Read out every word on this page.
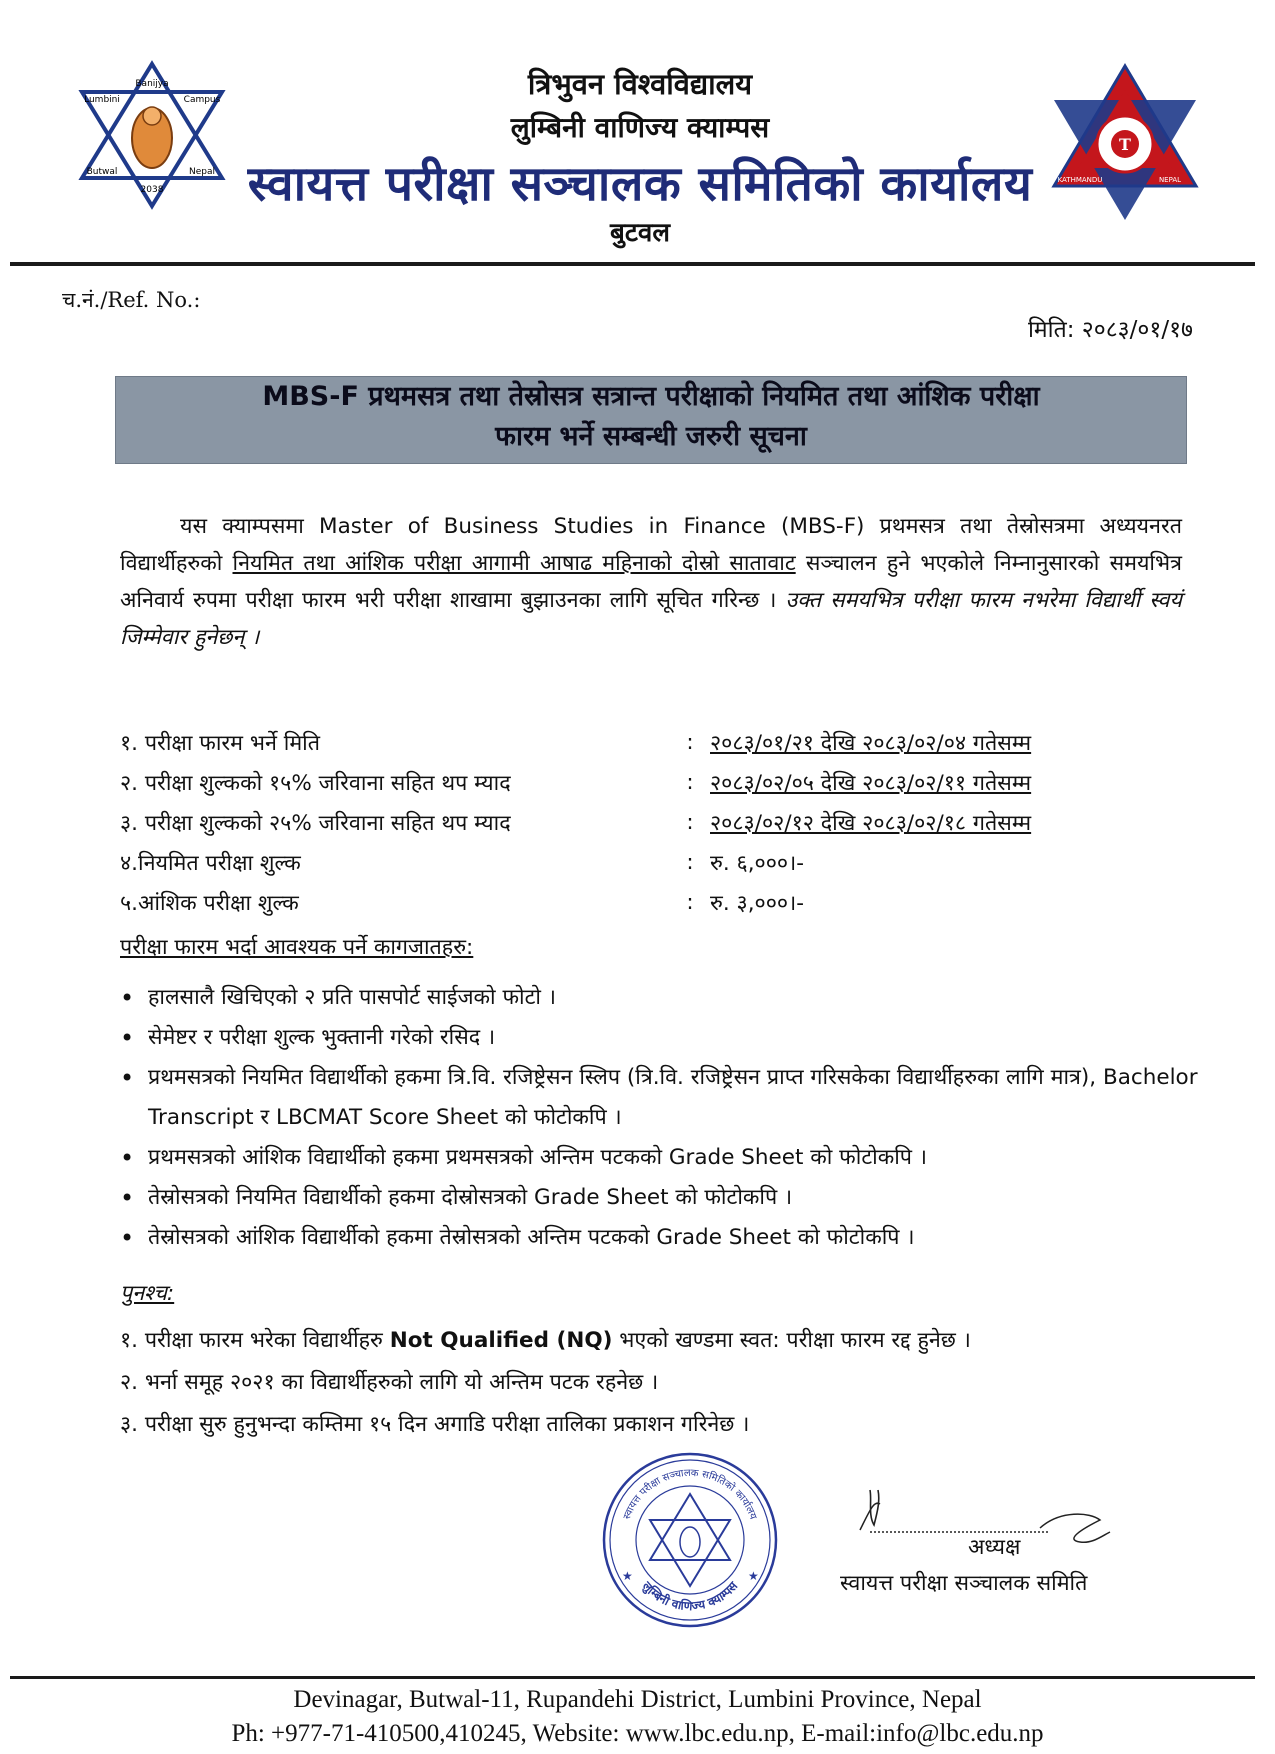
Banijya
Lumbini	Campus
Butwal	Nepal
2038
त्रिभुवन विश्वविद्यालय
लुम्बिनी वाणिज्य क्याम्पस
स्वायत्त परीक्षा सञ्चालक समितिको कार्यालय
बुटवल
T
KATHMANDU	NEPAL
च.नं./Ref. No.:
मिति: २०८३/०१/१७
MBS-F प्रथमसत्र तथा तेस्रोसत्र सत्रान्त परीक्षाको नियमित तथा आंशिक परीक्षा
फारम भर्ने सम्बन्धी जरुरी सूचना
यस क्याम्पसमा Master of Business Studies in Finance (MBS-F) प्रथमसत्र तथा तेस्रोसत्रमा अध्ययनरत विद्यार्थीहरुको नियमित तथा आंशिक परीक्षा आगामी आषाढ महिनाको दोस्रो सातावाट सञ्चालन हुने भएकोले निम्नानुसारको समयभित्र अनिवार्य रुपमा परीक्षा फारम भरी परीक्षा शाखामा बुझाउनका लागि सूचित गरिन्छ । उक्त समयभित्र परीक्षा फारम नभरेमा विद्यार्थी स्वयं जिम्मेवार हुनेछन् ।
१. परीक्षा फारम भर्ने मिति	: २०८३/०१/२१ देखि २०८३/०२/०४ गतेसम्म
२. परीक्षा शुल्कको १५% जरिवाना सहित थप म्याद	: २०८३/०२/०५ देखि २०८३/०२/११ गतेसम्म
३. परीक्षा शुल्कको २५% जरिवाना सहित थप म्याद	: २०८३/०२/१२ देखि २०८३/०२/१८ गतेसम्म
४.नियमित परीक्षा शुल्क	: रु. ६,०००।-
५.आंशिक परीक्षा शुल्क	: रु. ३,०००।-
परीक्षा फारम भर्दा आवश्यक पर्ने कागजातहरु:
• हालसालै खिचिएको २ प्रति पासपोर्ट साईजको फोटो ।
• सेमेष्टर र परीक्षा शुल्क भुक्तानी गरेको रसिद ।
• प्रथमसत्रको नियमित विद्यार्थीको हकमा त्रि.वि. रजिष्ट्रेसन स्लिप (त्रि.वि. रजिष्ट्रेसन प्राप्त गरिसकेका विद्यार्थीहरुका लागि मात्र), Bachelor Transcript र LBCMAT Score Sheet को फोटोकपि ।
• प्रथमसत्रको आंशिक विद्यार्थीको हकमा प्रथमसत्रको अन्तिम पटकको Grade Sheet को फोटोकपि ।
• तेस्रोसत्रको नियमित विद्यार्थीको हकमा दोस्रोसत्रको Grade Sheet को फोटोकपि ।
• तेस्रोसत्रको आंशिक विद्यार्थीको हकमा तेस्रोसत्रको अन्तिम पटकको Grade Sheet को फोटोकपि ।
पुनश्च:
१. परीक्षा फारम भरेका विद्यार्थीहरु Not Qualified (NQ) भएको खण्डमा स्वत: परीक्षा फारम रद्द हुनेछ ।
२. भर्ना समूह २०२१ का विद्यार्थीहरुको लागि यो अन्तिम पटक रहनेछ ।
३. परीक्षा सुरु हुनुभन्दा कम्तिमा १५ दिन अगाडि परीक्षा तालिका प्रकाशन गरिनेछ ।
स्वायत्त परीक्षा सञ्चालक समितिको कार्यालय
लुम्बिनी वाणिज्य क्याम्पस
★	★
अध्यक्ष
स्वायत्त परीक्षा सञ्चालक समिति
Devinagar, Butwal-11, Rupandehi District, Lumbini Province, Nepal
Ph: +977-71-410500,410245, Website: www.lbc.edu.np, E-mail:info@lbc.edu.np
